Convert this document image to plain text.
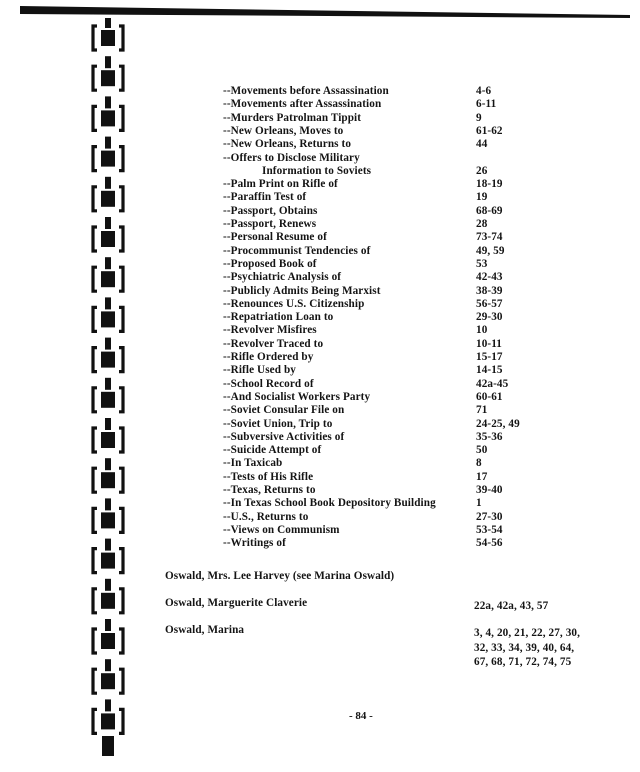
--Movements before Assassination	4-6
--Movements after Assassination	6-11
--Murders Patrolman Tippit	9
--New Orleans, Moves to	61-62
--New Orleans, Returns to	44
--Offers to Disclose Military
Information to Soviets	26
--Palm Print on Rifle of	18-19
--Paraffin Test of	19
--Passport, Obtains	68-69
--Passport, Renews	28
--Personal Resume of	73-74
--Procommunist Tendencies of	49, 59
--Proposed Book of	53
--Psychiatric Analysis of	42-43
--Publicly Admits Being Marxist	38-39
--Renounces U.S. Citizenship	56-57
--Repatriation Loan to	29-30
--Revolver Misfires	10
--Revolver Traced to	10-11
--Rifle Ordered by	15-17
--Rifle Used by	14-15
--School Record of	42a-45
--And Socialist Workers Party	60-61
--Soviet Consular File on	71
--Soviet Union, Trip to	24-25, 49
--Subversive Activities of	35-36
--Suicide Attempt of	50
--In Taxicab	8
--Tests of His Rifle	17
--Texas, Returns to	39-40
--In Texas School Book Depository Building	1
--U.S., Returns to	27-30
--Views on Communism	53-54
--Writings of	54-56
Oswald, Mrs. Lee Harvey (see Marina Oswald)
Oswald, Marguerite Claverie	22a, 42a, 43, 57
Oswald, Marina	3, 4, 20, 21, 22, 27, 30,
32, 33, 34, 39, 40, 64,
67, 68, 71, 72, 74, 75
- 84 -
